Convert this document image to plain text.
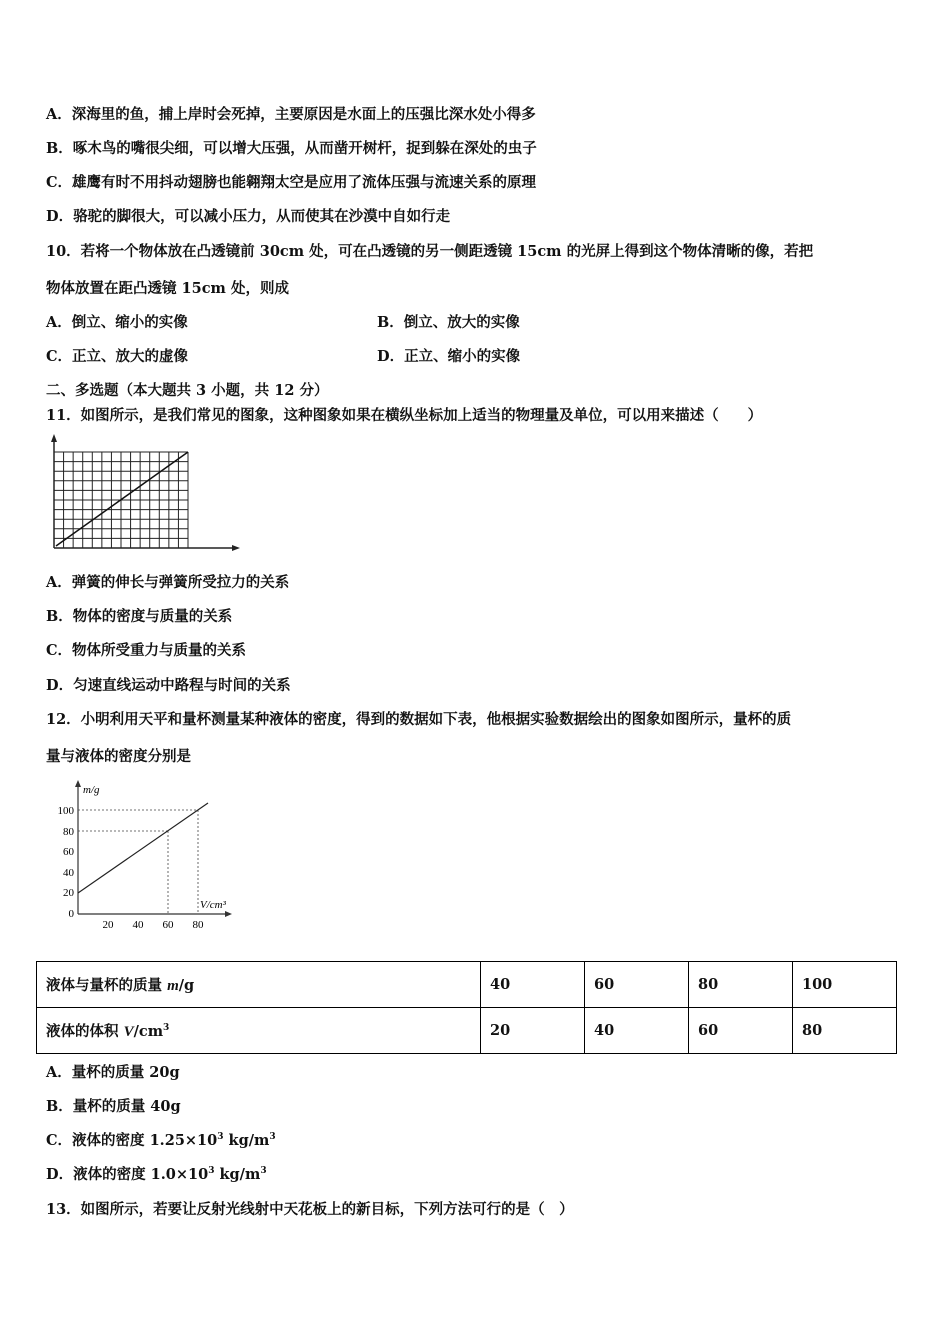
A．深海里的鱼，捕上岸时会死掉，主要原因是水面上的压强比深水处小得多
B．啄木鸟的嘴很尖细，可以增大压强，从而凿开树杆，捉到躲在深处的虫子
C．雄鹰有时不用抖动翅膀也能翱翔太空是应用了流体压强与流速关系的原理
D．骆驼的脚很大，可以减小压力，从而使其在沙漠中自如行走
10．若将一个物体放在凸透镜前 30cm 处，可在凸透镜的另一侧距透镜 15cm 的光屏上得到这个物体清晰的像，若把
物体放置在距凸透镜 15cm 处，则成
A．倒立、缩小的实像	B．倒立、放大的实像
C．正立、放大的虚像	D．正立、缩小的实像
二、多选题（本大题共 3 小题，共 12 分）
11．如图所示，是我们常见的图象，这种图象如果在横纵坐标加上适当的物理量及单位，可以用来描述（　　）
A．弹簧的伸长与弹簧所受拉力的关系
B．物体的密度与质量的关系
C．物体所受重力与质量的关系
D．匀速直线运动中路程与时间的关系
12．小明利用天平和量杯测量某种液体的密度，得到的数据如下表，他根据实验数据绘出的图象如图所示，量杯的质
量与液体的密度分别是
m/g
V/cm³
100
80
60
40
20
0
20 40 60 80
液体与量杯的质量 m/g	40	60	80	100
液体的体积 $V/cm^3$	20	40	60	80
A．量杯的质量 20g
B．量杯的质量 40g
C．液体的密度 $1.25\times 10^3$ $kg/m^3$
D．液体的密度 $1.0\times 10^3$ $kg/m^3$
13．如图所示，若要让反射光线射中天花板上的新目标，下列方法可行的是（　）
